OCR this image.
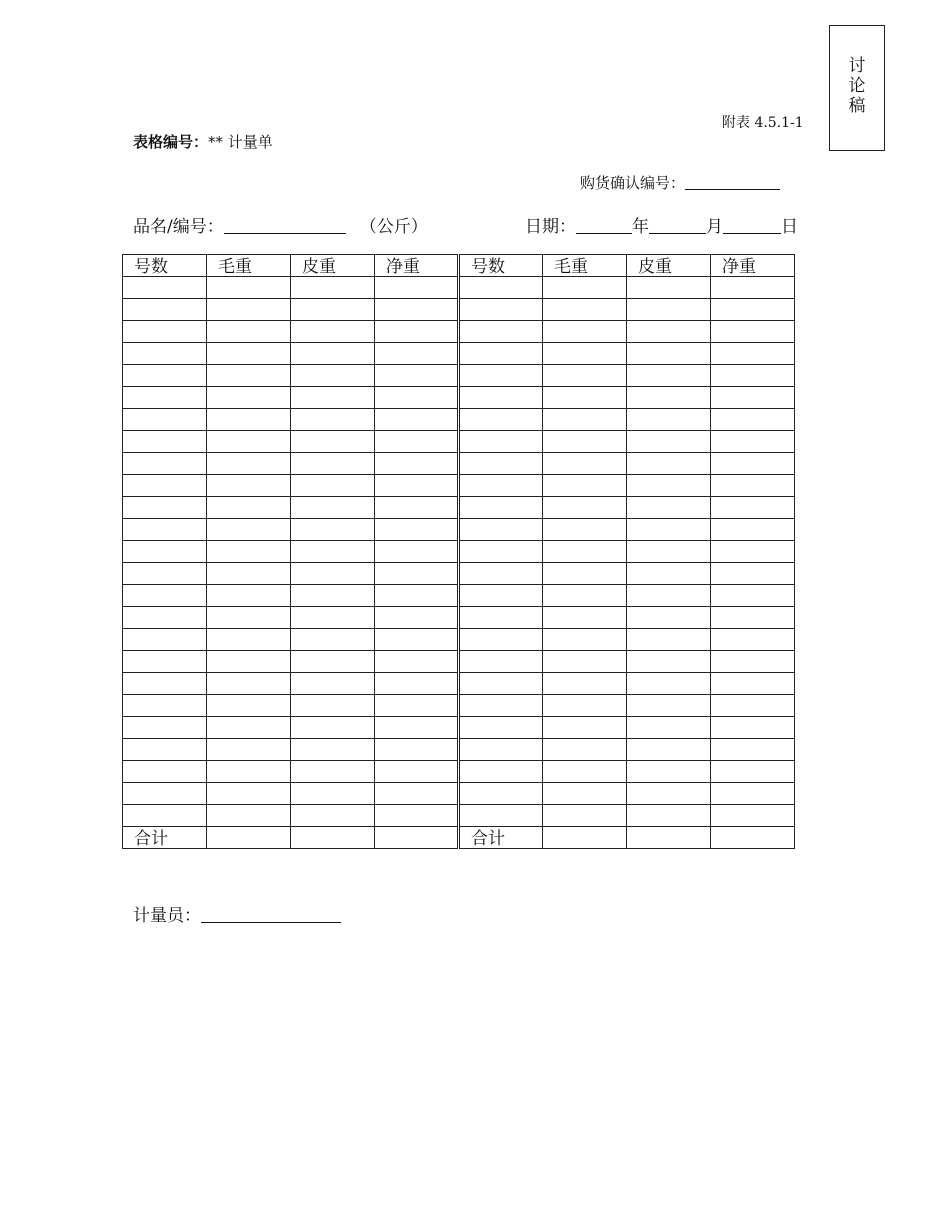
讨
论
稿
附表 4.5.1-1
表格编号：** 计量单
购货确认编号：
品名/编号：	（公斤）	日期：	年	月	日
号数	毛重	皮重	净重	号数	毛重	皮重	净重

合计				合计			
计量员：
